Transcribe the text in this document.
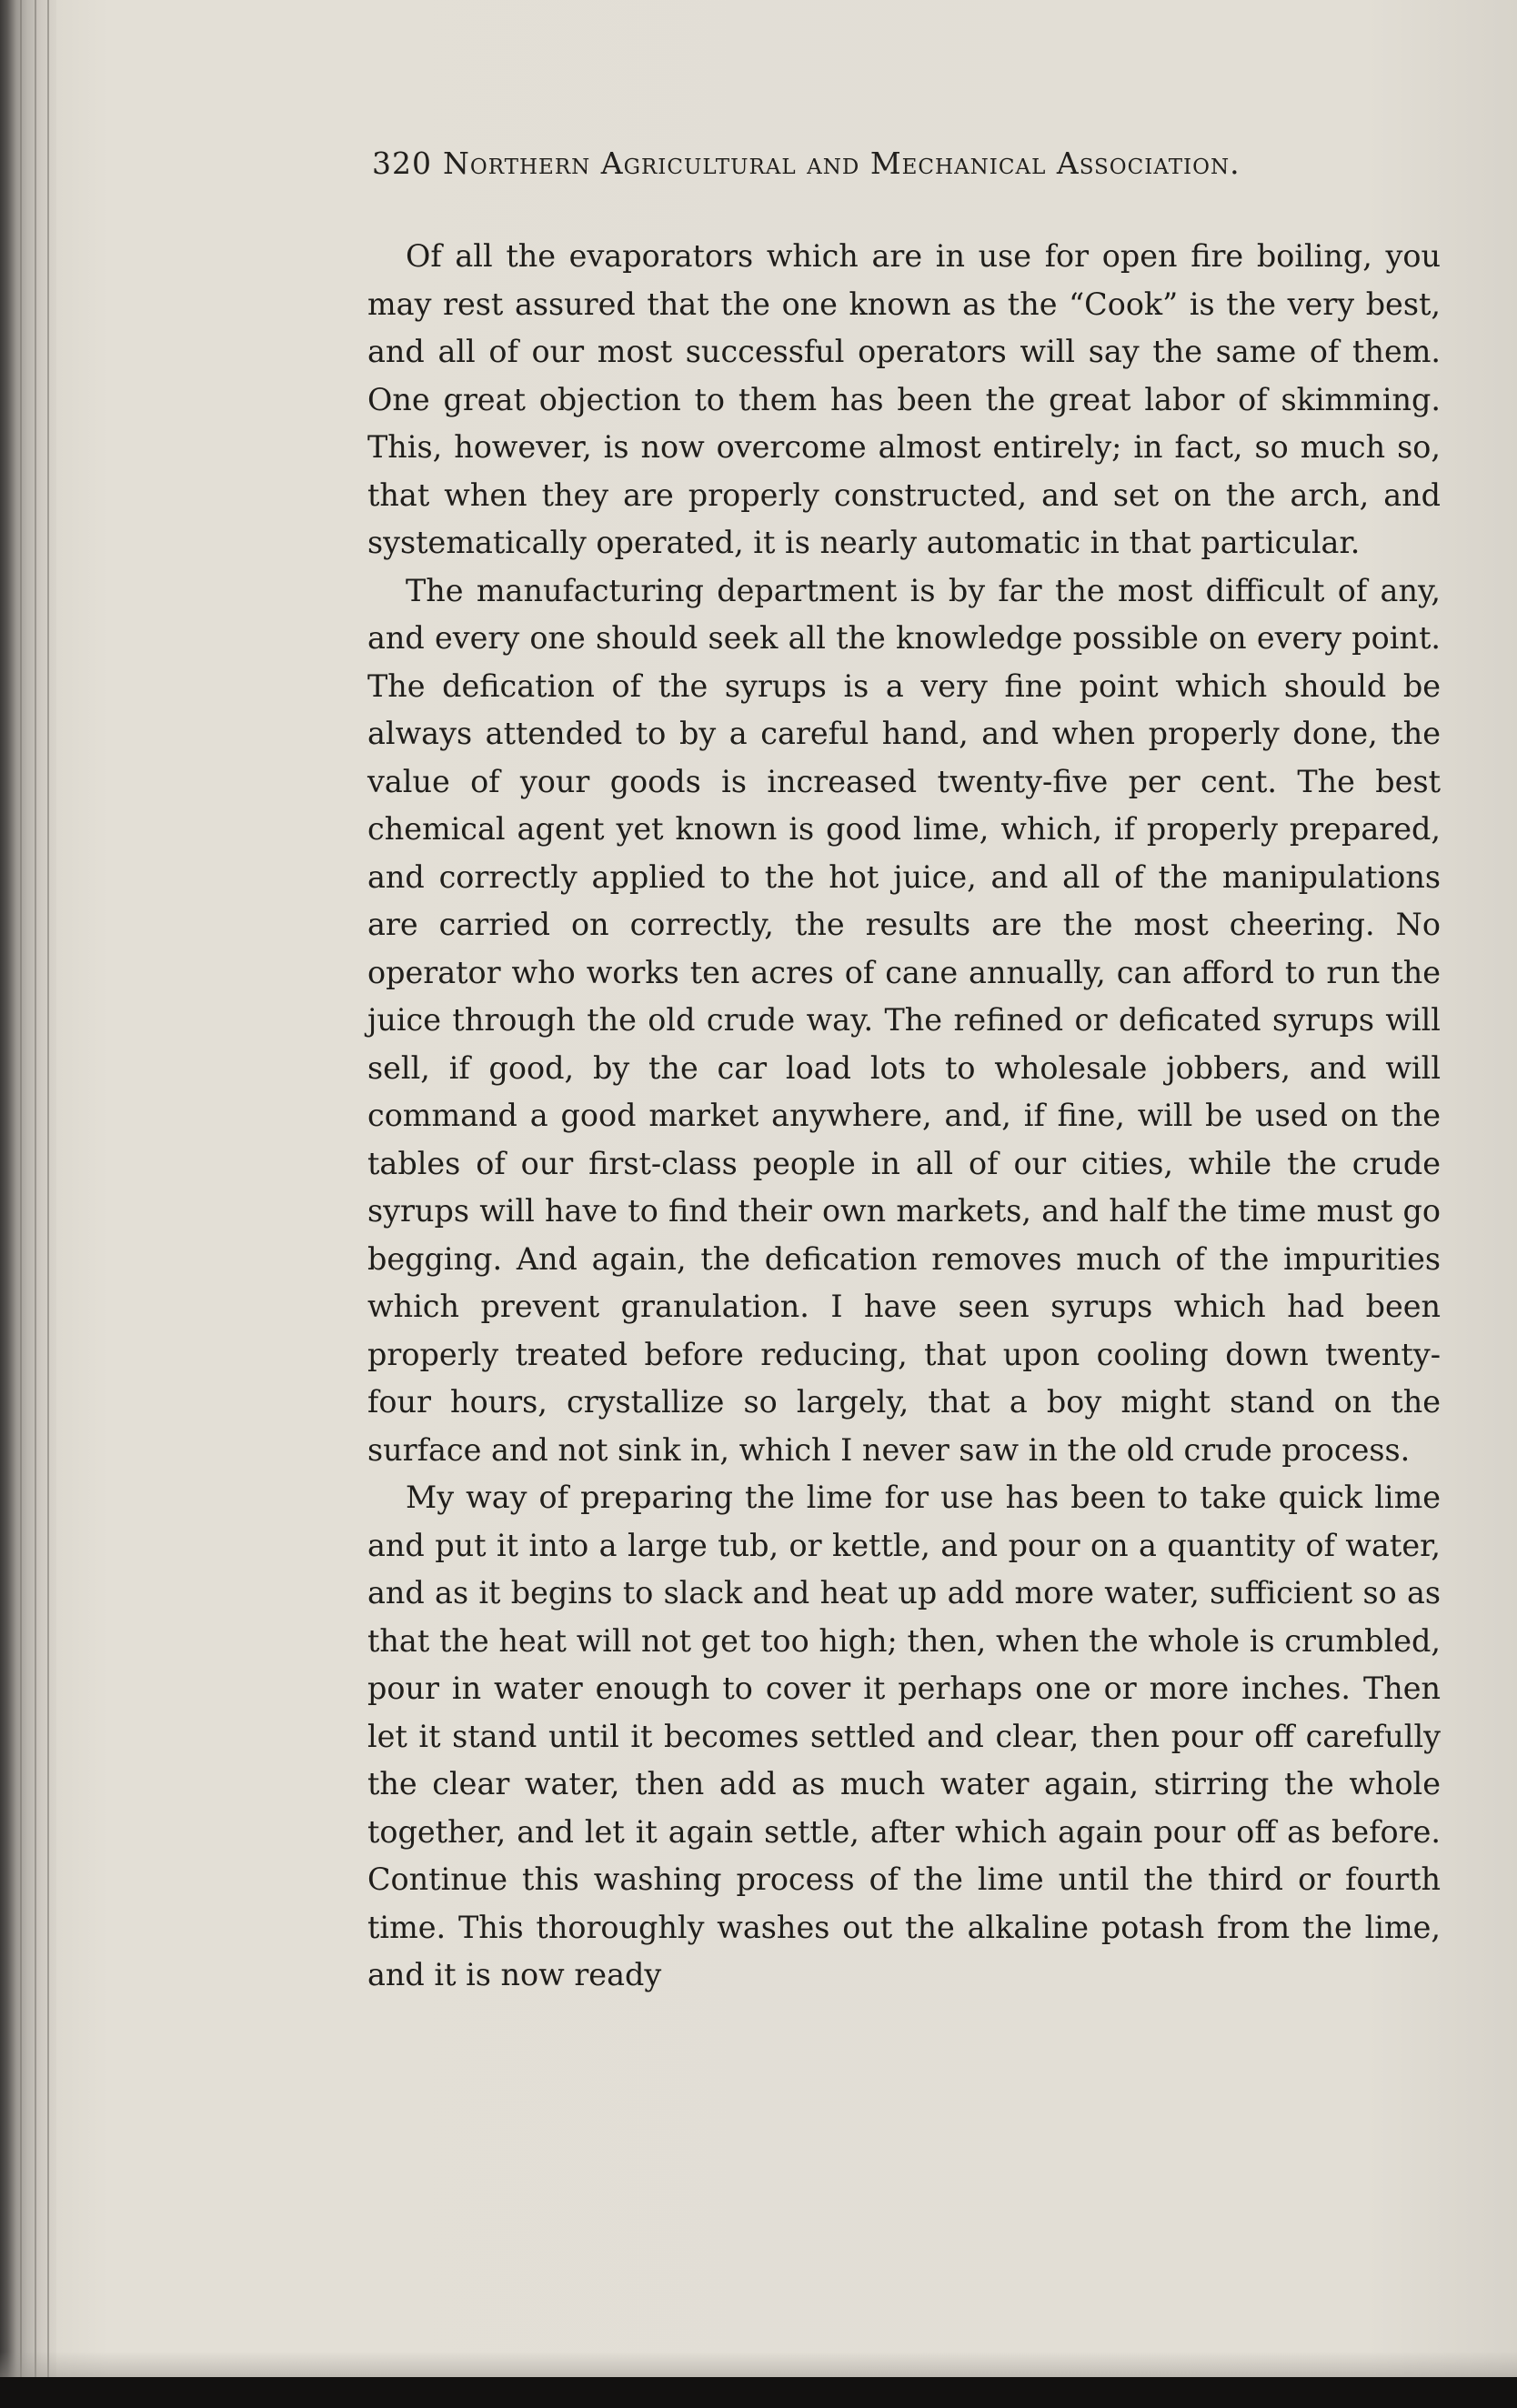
320 Northern Agricultural and Mechanical Association.

Of all the evaporators which are in use for open fire boiling, you may rest assured that the one known as the “Cook” is the very best, and all of our most successful operators will say the same of them. One great objection to them has been the great labor of skimming. This, however, is now overcome almost entirely; in fact, so much so, that when they are properly constructed, and set on the arch, and systematically operated, it is nearly automatic in that particular.

The manufacturing department is by far the most difficult of any, and every one should seek all the knowledge possible on every point. The defication of the syrups is a very fine point which should be always attended to by a careful hand, and when properly done, the value of your goods is increased twenty-five per cent. The best chemical agent yet known is good lime, which, if properly prepared, and correctly applied to the hot juice, and all of the manipulations are carried on correctly, the results are the most cheering. No operator who works ten acres of cane annually, can afford to run the juice through the old crude way. The refined or deficated syrups will sell, if good, by the car load lots to wholesale jobbers, and will command a good market anywhere, and, if fine, will be used on the tables of our first-class people in all of our cities, while the crude syrups will have to find their own markets, and half the time must go begging. And again, the defication removes much of the impurities which prevent granulation. I have seen syrups which had been properly treated before reducing, that upon cooling down twenty-four hours, crystallize so largely, that a boy might stand on the surface and not sink in, which I never saw in the old crude process.

My way of preparing the lime for use has been to take quick lime and put it into a large tub, or kettle, and pour on a quantity of water, and as it begins to slack and heat up add more water, sufficient so as that the heat will not get too high; then, when the whole is crumbled, pour in water enough to cover it perhaps one or more inches. Then let it stand until it becomes settled and clear, then pour off carefully the clear water, then add as much water again, stirring the whole together, and let it again settle, after which again pour off as before. Continue this washing process of the lime until the third or fourth time. This thoroughly washes out the alkaline potash from the lime, and it is now ready
